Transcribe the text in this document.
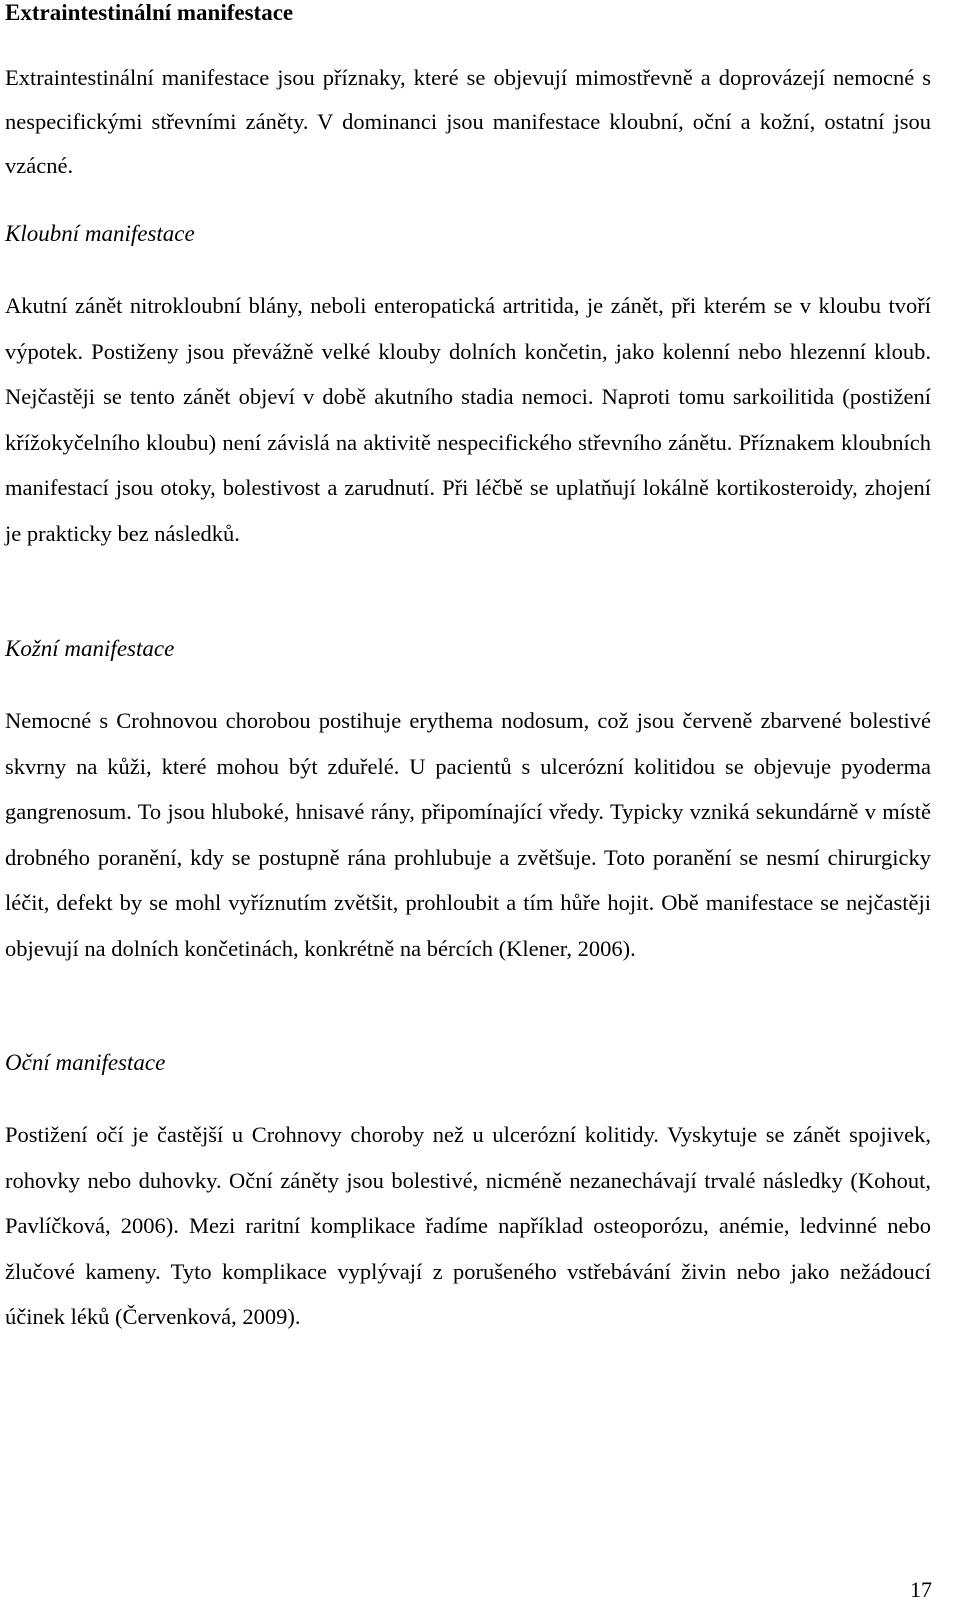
Extraintestinální manifestace

Extraintestinální manifestace jsou příznaky, které se objevují mimostřevně a doprovázejí nemocné s nespecifickými střevními záněty. V dominanci jsou manifestace kloubní, oční a kožní, ostatní jsou vzácné.

Kloubní manifestace

Akutní zánět nitrokloubní blány, neboli enteropatická artritida, je zánět, při kterém se v kloubu tvoří výpotek. Postiženy jsou převážně velké klouby dolních končetin, jako kolenní nebo hlezenní kloub. Nejčastěji se tento zánět objeví v době akutního stadia nemoci. Naproti tomu sarkoilitida (postižení křížokyčelního kloubu) není závislá na aktivitě nespecifického střevního zánětu. Příznakem kloubních manifestací jsou otoky, bolestivost a zarudnutí. Při léčbě se uplatňují lokálně kortikosteroidy, zhojení je prakticky bez následků.

Kožní manifestace

Nemocné s Crohnovou chorobou postihuje erythema nodosum, což jsou červeně zbarvené bolestivé skvrny na kůži, které mohou být zduřelé. U pacientů s ulcerózní kolitidou se objevuje pyoderma gangrenosum. To jsou hluboké, hnisavé rány, připomínající vředy. Typicky vzniká sekundárně v místě drobného poranění, kdy se postupně rána prohlubuje a zvětšuje. Toto poranění se nesmí chirurgicky léčit, defekt by se mohl vyříznutím zvětšit, prohloubit a tím hůře hojit. Obě manifestace se nejčastěji objevují na dolních končetinách, konkrétně na bércích (Klener, 2006).

Oční manifestace

Postižení očí je častější u Crohnovy choroby než u ulcerózní kolitidy. Vyskytuje se zánět spojivek, rohovky nebo duhovky. Oční záněty jsou bolestivé, nicméně nezanechávají trvalé následky (Kohout, Pavlíčková, 2006). Mezi raritní komplikace řadíme například osteoporózu, anémie, ledvinné nebo žlučové kameny. Tyto komplikace vyplývají z porušeného vstřebávání živin nebo jako nežádoucí účinek léků (Červenková, 2009).

17
